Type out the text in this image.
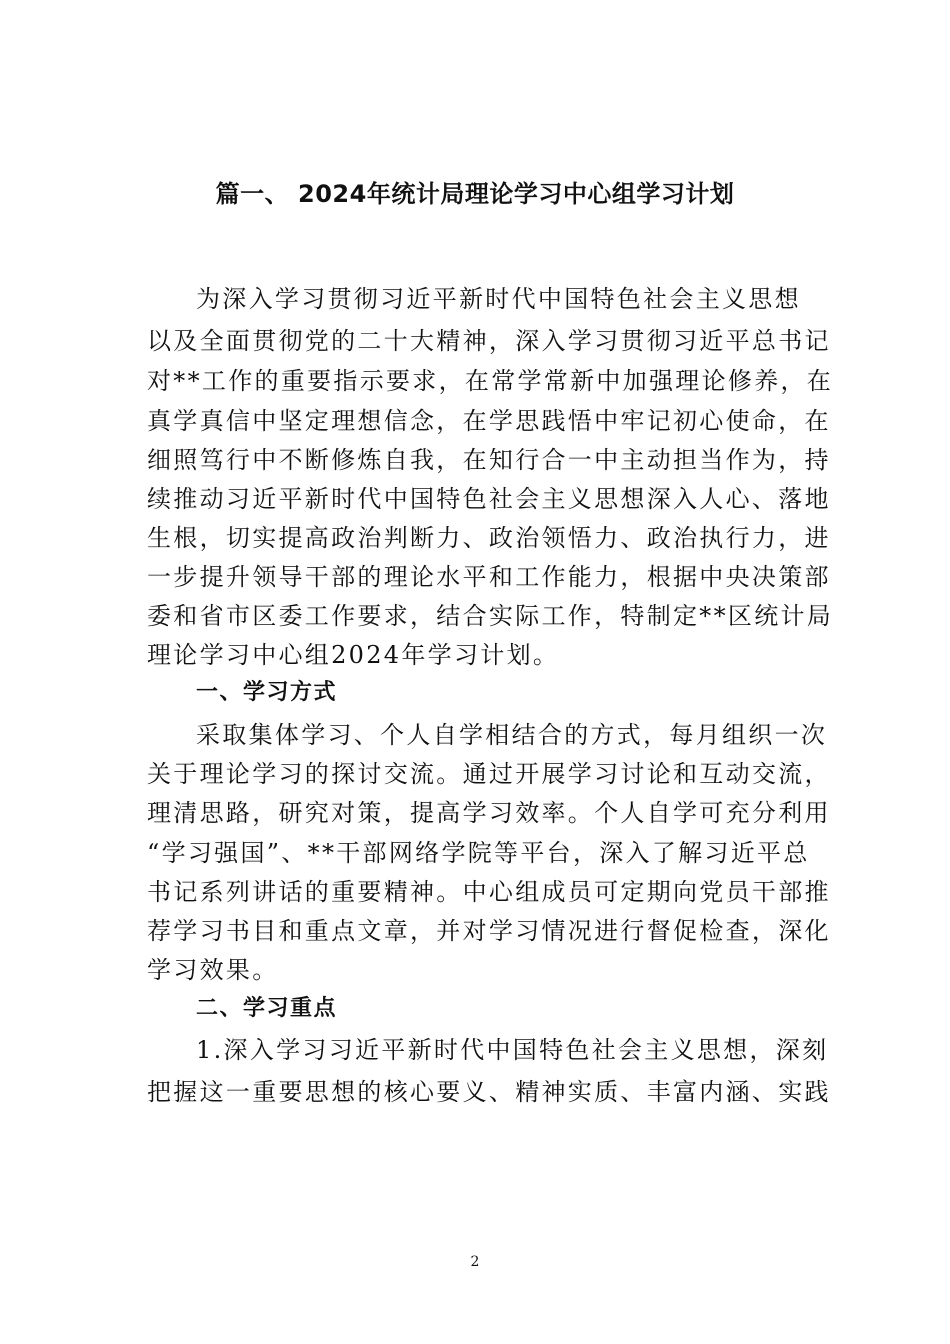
篇一、 2024年统计局理论学习中心组学习计划
为深入学习贯彻习近平新时代中国特色社会主义思想
以及全面贯彻党的二十大精神，深入学习贯彻习近平总书记
对**工作的重要指示要求，在常学常新中加强理论修养，在
真学真信中坚定理想信念，在学思践悟中牢记初心使命，在
细照笃行中不断修炼自我，在知行合一中主动担当作为，持
续推动习近平新时代中国特色社会主义思想深入人心、落地
生根，切实提高政治判断力、政治领悟力、政治执行力，进
一步提升领导干部的理论水平和工作能力，根据中央决策部
委和省市区委工作要求，结合实际工作，特制定**区统计局
理论学习中心组2024年学习计划。
一、学习方式
采取集体学习、个人自学相结合的方式，每月组织一次
关于理论学习的探讨交流。通过开展学习讨论和互动交流，
理清思路，研究对策，提高学习效率。个人自学可充分利用
“学习强国”、**干部网络学院等平台，深入了解习近平总
书记系列讲话的重要精神。中心组成员可定期向党员干部推
荐学习书目和重点文章，并对学习情况进行督促检查，深化
学习效果。
二、学习重点
1.深入学习习近平新时代中国特色社会主义思想，深刻
把握这一重要思想的核心要义、精神实质、丰富内涵、实践
2
